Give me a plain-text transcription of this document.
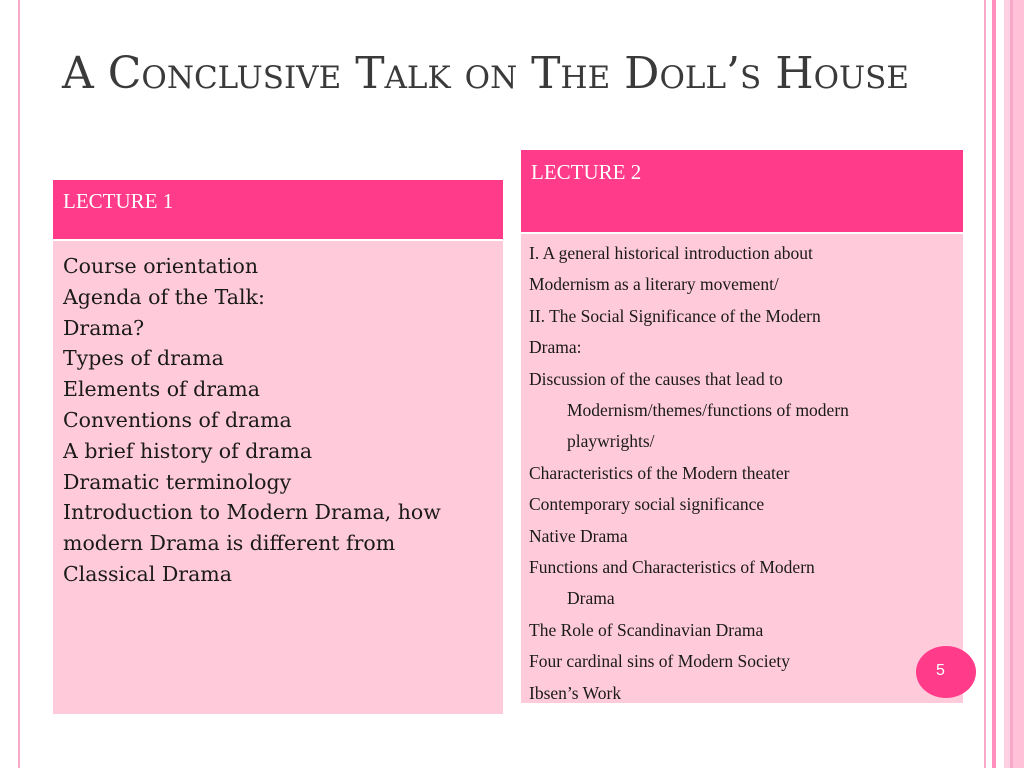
A Conclusive Talk on The Doll’s House
LECTURE 1
Course orientation
Agenda of the Talk:
Drama?
Types of drama
Elements of drama
Conventions of drama
A brief history of drama
Dramatic terminology
Introduction to Modern Drama, how
modern Drama is different from
Classical Drama
LECTURE 2
I. A general historical introduction about
Modernism as a literary movement/
II. The Social Significance of the Modern
Drama:
Discussion of the causes that lead to
Modernism/themes/functions of modern
playwrights/
Characteristics of the Modern theater
Contemporary social significance
Native Drama
Functions and Characteristics of Modern
Drama
The Role of Scandinavian Drama
Four cardinal sins of Modern Society
Ibsen’s Work
5
